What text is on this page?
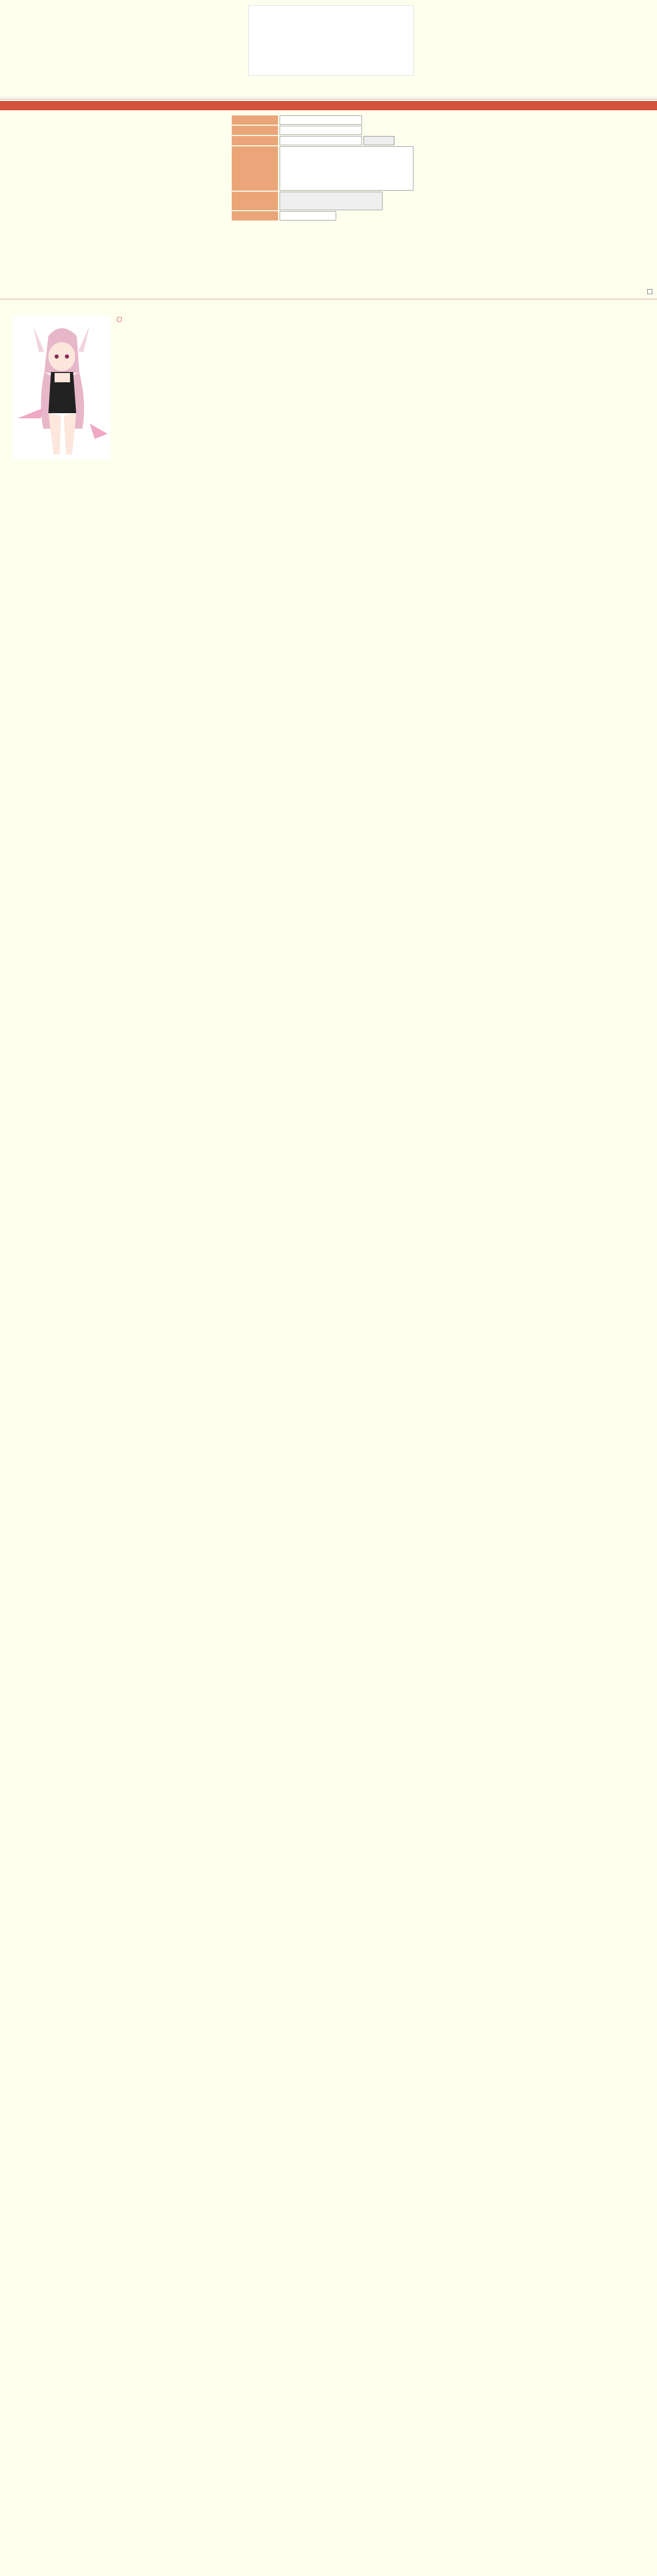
▢
